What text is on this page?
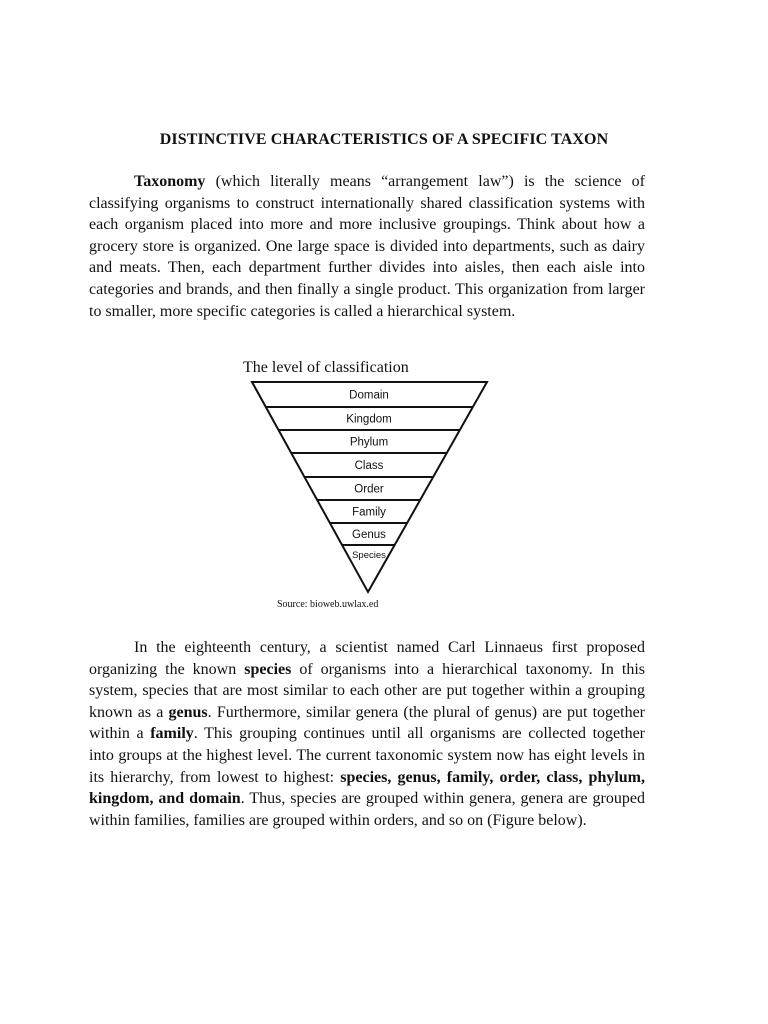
DISTINCTIVE CHARACTERISTICS OF A SPECIFIC TAXON

Taxonomy (which literally means “arrangement law”) is the science of classifying organisms to construct internationally shared classification systems with each organism placed into more and more inclusive groupings. Think about how a grocery store is organized. One large space is divided into departments, such as dairy and meats. Then, each department further divides into aisles, then each aisle into categories and brands, and then finally a single product. This organization from larger to smaller, more specific categories is called a hierarchical system.

The level of classification
Domain
Kingdom
Phylum
Class
Order
Family
Genus
Species
Source: bioweb.uwlax.ed

In the eighteenth century, a scientist named Carl Linnaeus first proposed organizing the known species of organisms into a hierarchical taxonomy. In this system, species that are most similar to each other are put together within a grouping known as a genus. Furthermore, similar genera (the plural of genus) are put together within a family. This grouping continues until all organisms are collected together into groups at the highest level. The current taxonomic system now has eight levels in its hierarchy, from lowest to highest: species, genus, family, order, class, phylum, kingdom, and domain. Thus, species are grouped within genera, genera are grouped within families, families are grouped within orders, and so on (Figure below).
